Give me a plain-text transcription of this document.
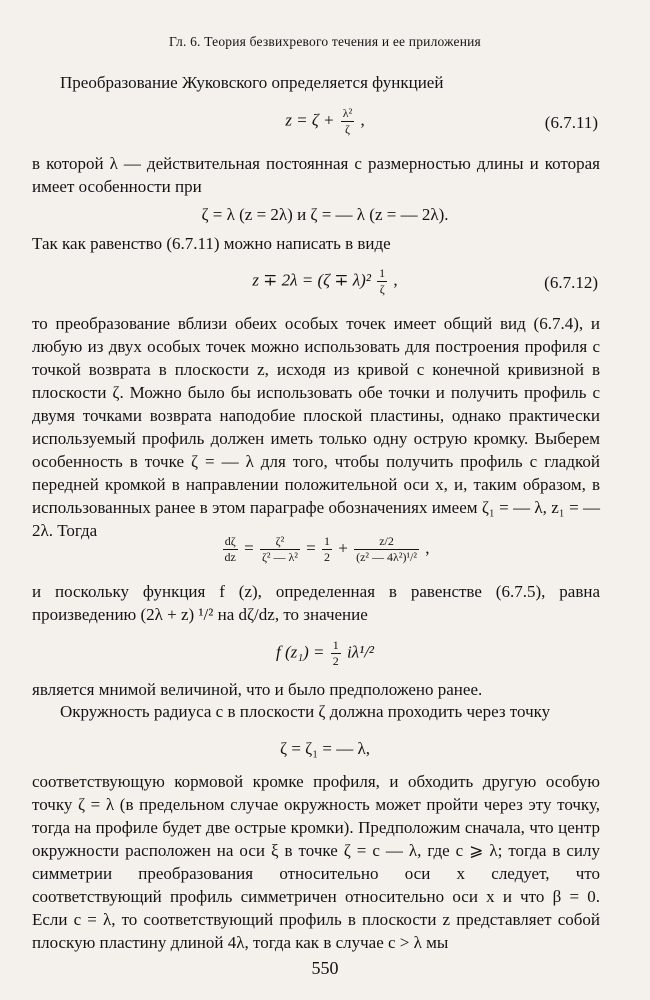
Гл. 6. Теория безвихревого течения и ее приложения

Преобразование Жуковского определяется функцией

$z = \zeta + \frac{\text{λ²}}{\zeta}$ ,	(6.7.11)

в которой λ — действительная постоянная с размерностью длины и которая имеет особенности при

ζ = λ (z = 2λ) и ζ = — λ (z = — 2λ).

Так как равенство (6.7.11) можно написать в виде

$z \mp 2\lambda = (\zeta \mp \lambda)^2 \frac{1}{\zeta}$ ,	(6.7.12)

то преобразование вблизи обеих особых точек имеет общий вид (6.7.4), и любую из двух особых точек можно использовать для построения профиля с точкой возврата в плоскости z, исходя из кривой с конечной кривизной в плоскости ζ. Можно было бы использовать обе точки и получить профиль с двумя точками возврата наподобие плоской пластины, однако практически используемый профиль должен иметь только одну острую кромку. Выберем особенность в точке ζ = — λ для того, чтобы получить профиль с гладкой передней кромкой в направлении положительной оси x, и, таким образом, в использованных ранее в этом параграфе обозначениях имеем ζ₁ = — λ, z₁ = — 2λ. Тогда

$\frac{d\zeta}{dz} = \frac{\text{ζ²}}{\text{ζ² — λ²}} = \frac{1}{2} + \frac{z/2}{\text{(z² — 4λ²)¹/²}}$ ,

и поскольку функция f (z), определенная в равенстве (6.7.5), равна произведению (2λ + z) ¹/² на dζ/dz, то значение

f $(z_1) = \frac{1}{2} i\lambda^1/^2$

является мнимой величиной, что и было предположено ранее.

Окружность радиуса c в плоскости ζ должна проходить через точку

ζ = ζ₁ = — λ,

соответствующую кормовой кромке профиля, и обходить другую особую точку ζ = λ (в предельном случае окружность может пройти через эту точку, тогда на профиле будет две острые кромки). Предположим сначала, что центр окружности расположен на оси ξ в точке ζ = c — λ, где c ⩾ λ; тогда в силу симметрии преобразования относительно оси x следует, что соответствующий профиль симметричен относительно оси x и что β = 0. Если c = λ, то соответствующий профиль в плоскости z представляет собой плоскую пластину длиной 4λ, тогда как в случае c > λ мы

550
